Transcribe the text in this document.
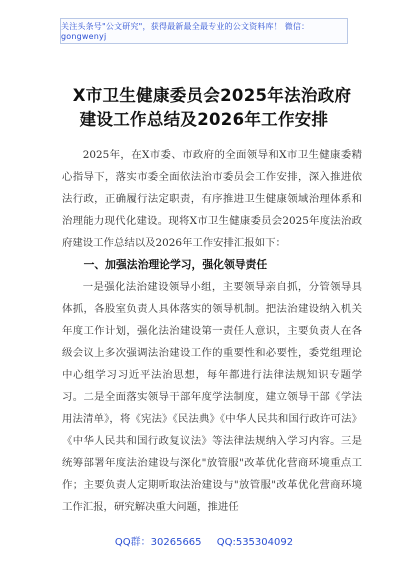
关注头条号"公文研究"，获得最新最全最专业的公文资料库！ 微信：gongwenyj
X市卫生健康委员会2025年法治政府
建设工作总结及2026年工作安排

2025年，在X市委、市政府的全面领导和X市卫生健康委精心指导下，落实市委全面依法治市委员会工作安排，深入推进依法行政，正确履行法定职责，有序推进卫生健康领域治理体系和治理能力现代化建设。现将X市卫生健康委员会2025年度法治政府建设工作总结以及2026年工作安排汇报如下：

一、加强法治理论学习，强化领导责任

一是强化法治建设领导小组，主要领导亲自抓，分管领导具体抓，各股室负责人具体落实的领导机制。把法治建设纳入机关年度工作计划，强化法治建设第一责任人意识，主要负责人在各级会议上多次强调法治建设工作的重要性和必要性，委党组理论中心组学习习近平法治思想，每年都进行法律法规知识专题学习。二是全面落实领导干部年度学法制度，建立领导干部《学法用法清单》，将《宪法》《民法典》《中华人民共和国行政许可法》《中华人民共和国行政复议法》等法律法规纳入学习内容。三是统筹部署年度法治建设与深化"放管服"改革优化营商环境重点工作；主要负责人定期听取法治建设与"放管服"改革优化营商环境工作汇报，研究解决重大问题，推进任

QQ群：30265665 QQ:535304092
